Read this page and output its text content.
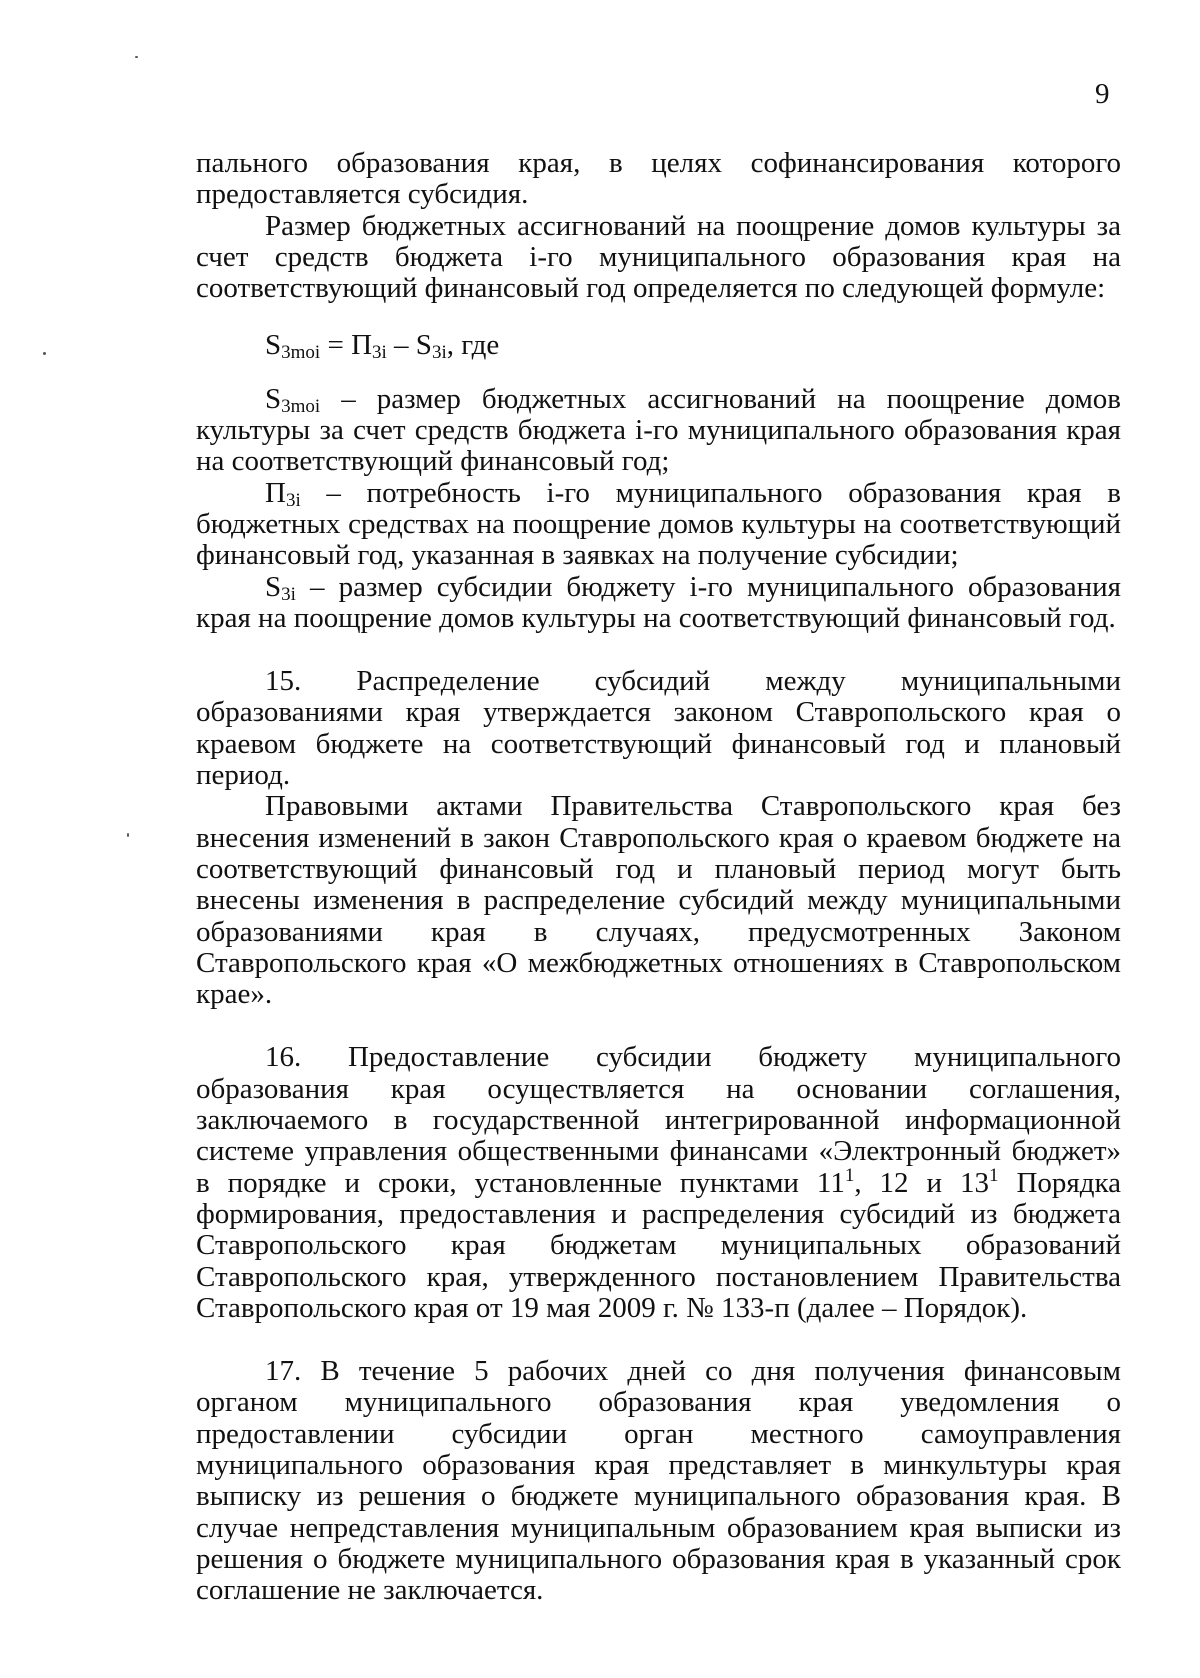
9

пального образования края, в целях софинансирования которого предоставляется субсидия.

Размер бюджетных ассигнований на поощрение домов культуры за счет средств бюджета i-го муниципального образования края на соответствующий финансовый год определяется по следующей формуле:

$S_{3moi} = П_{3i} - S_{3i}$, где

$S_{3moi}$ – размер бюджетных ассигнований на поощрение домов культуры за счет средств бюджета i-го муниципального образования края на соответствующий финансовый год;

$П_{3i}$ – потребность i-го муниципального образования края в бюджетных средствах на поощрение домов культуры на соответствующий финансовый год, указанная в заявках на получение субсидии;

$S_{3i}$ – размер субсидии бюджету i-го муниципального образования края на поощрение домов культуры на соответствующий финансовый год.

15. Распределение субсидий между муниципальными образованиями края утверждается законом Ставропольского края о краевом бюджете на соответствующий финансовый год и плановый период.

Правовыми актами Правительства Ставропольского края без внесения изменений в закон Ставропольского края о краевом бюджете на соответствующий финансовый год и плановый период могут быть внесены изменения в распределение субсидий между муниципальными образованиями края в случаях, предусмотренных Законом Ставропольского края «О межбюджетных отношениях в Ставропольском крае».

16. Предоставление субсидии бюджету муниципального образования края осуществляется на основании соглашения, заключаемого в государственной интегрированной информационной системе управления общественными финансами «Электронный бюджет» в порядке и сроки, установленные пунктами $11^1$, 12 и $13^1$ Порядка формирования, предоставления и распределения субсидий из бюджета Ставропольского края бюджетам муниципальных образований Ставропольского края, утвержденного постановлением Правительства Ставропольского края от 19 мая 2009 г. № 133-п (далее – Порядок).

17. В течение 5 рабочих дней со дня получения финансовым органом муниципального образования края уведомления о предоставлении субсидии орган местного самоуправления муниципального образования края представляет в минкультуры края выписку из решения о бюджете муниципального образования края. В случае непредставления муниципальным образованием края выписки из решения о бюджете муниципального образования края в указанный срок соглашение не заключается.
